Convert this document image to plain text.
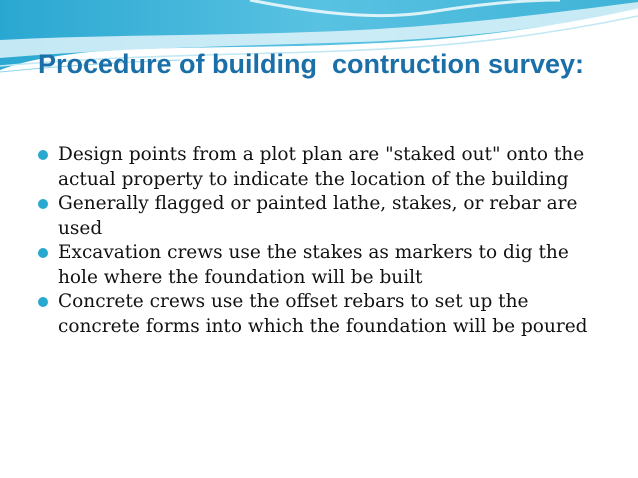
Procedure of building  contruction survey:
Design points from a plot plan are "staked out" onto the actual property to indicate the location of the building
Generally flagged or painted lathe, stakes, or rebar are used
Excavation crews use the stakes as markers to dig the hole where the foundation will be built
Concrete crews use the offset rebars to set up the concrete forms into which the foundation will be poured
